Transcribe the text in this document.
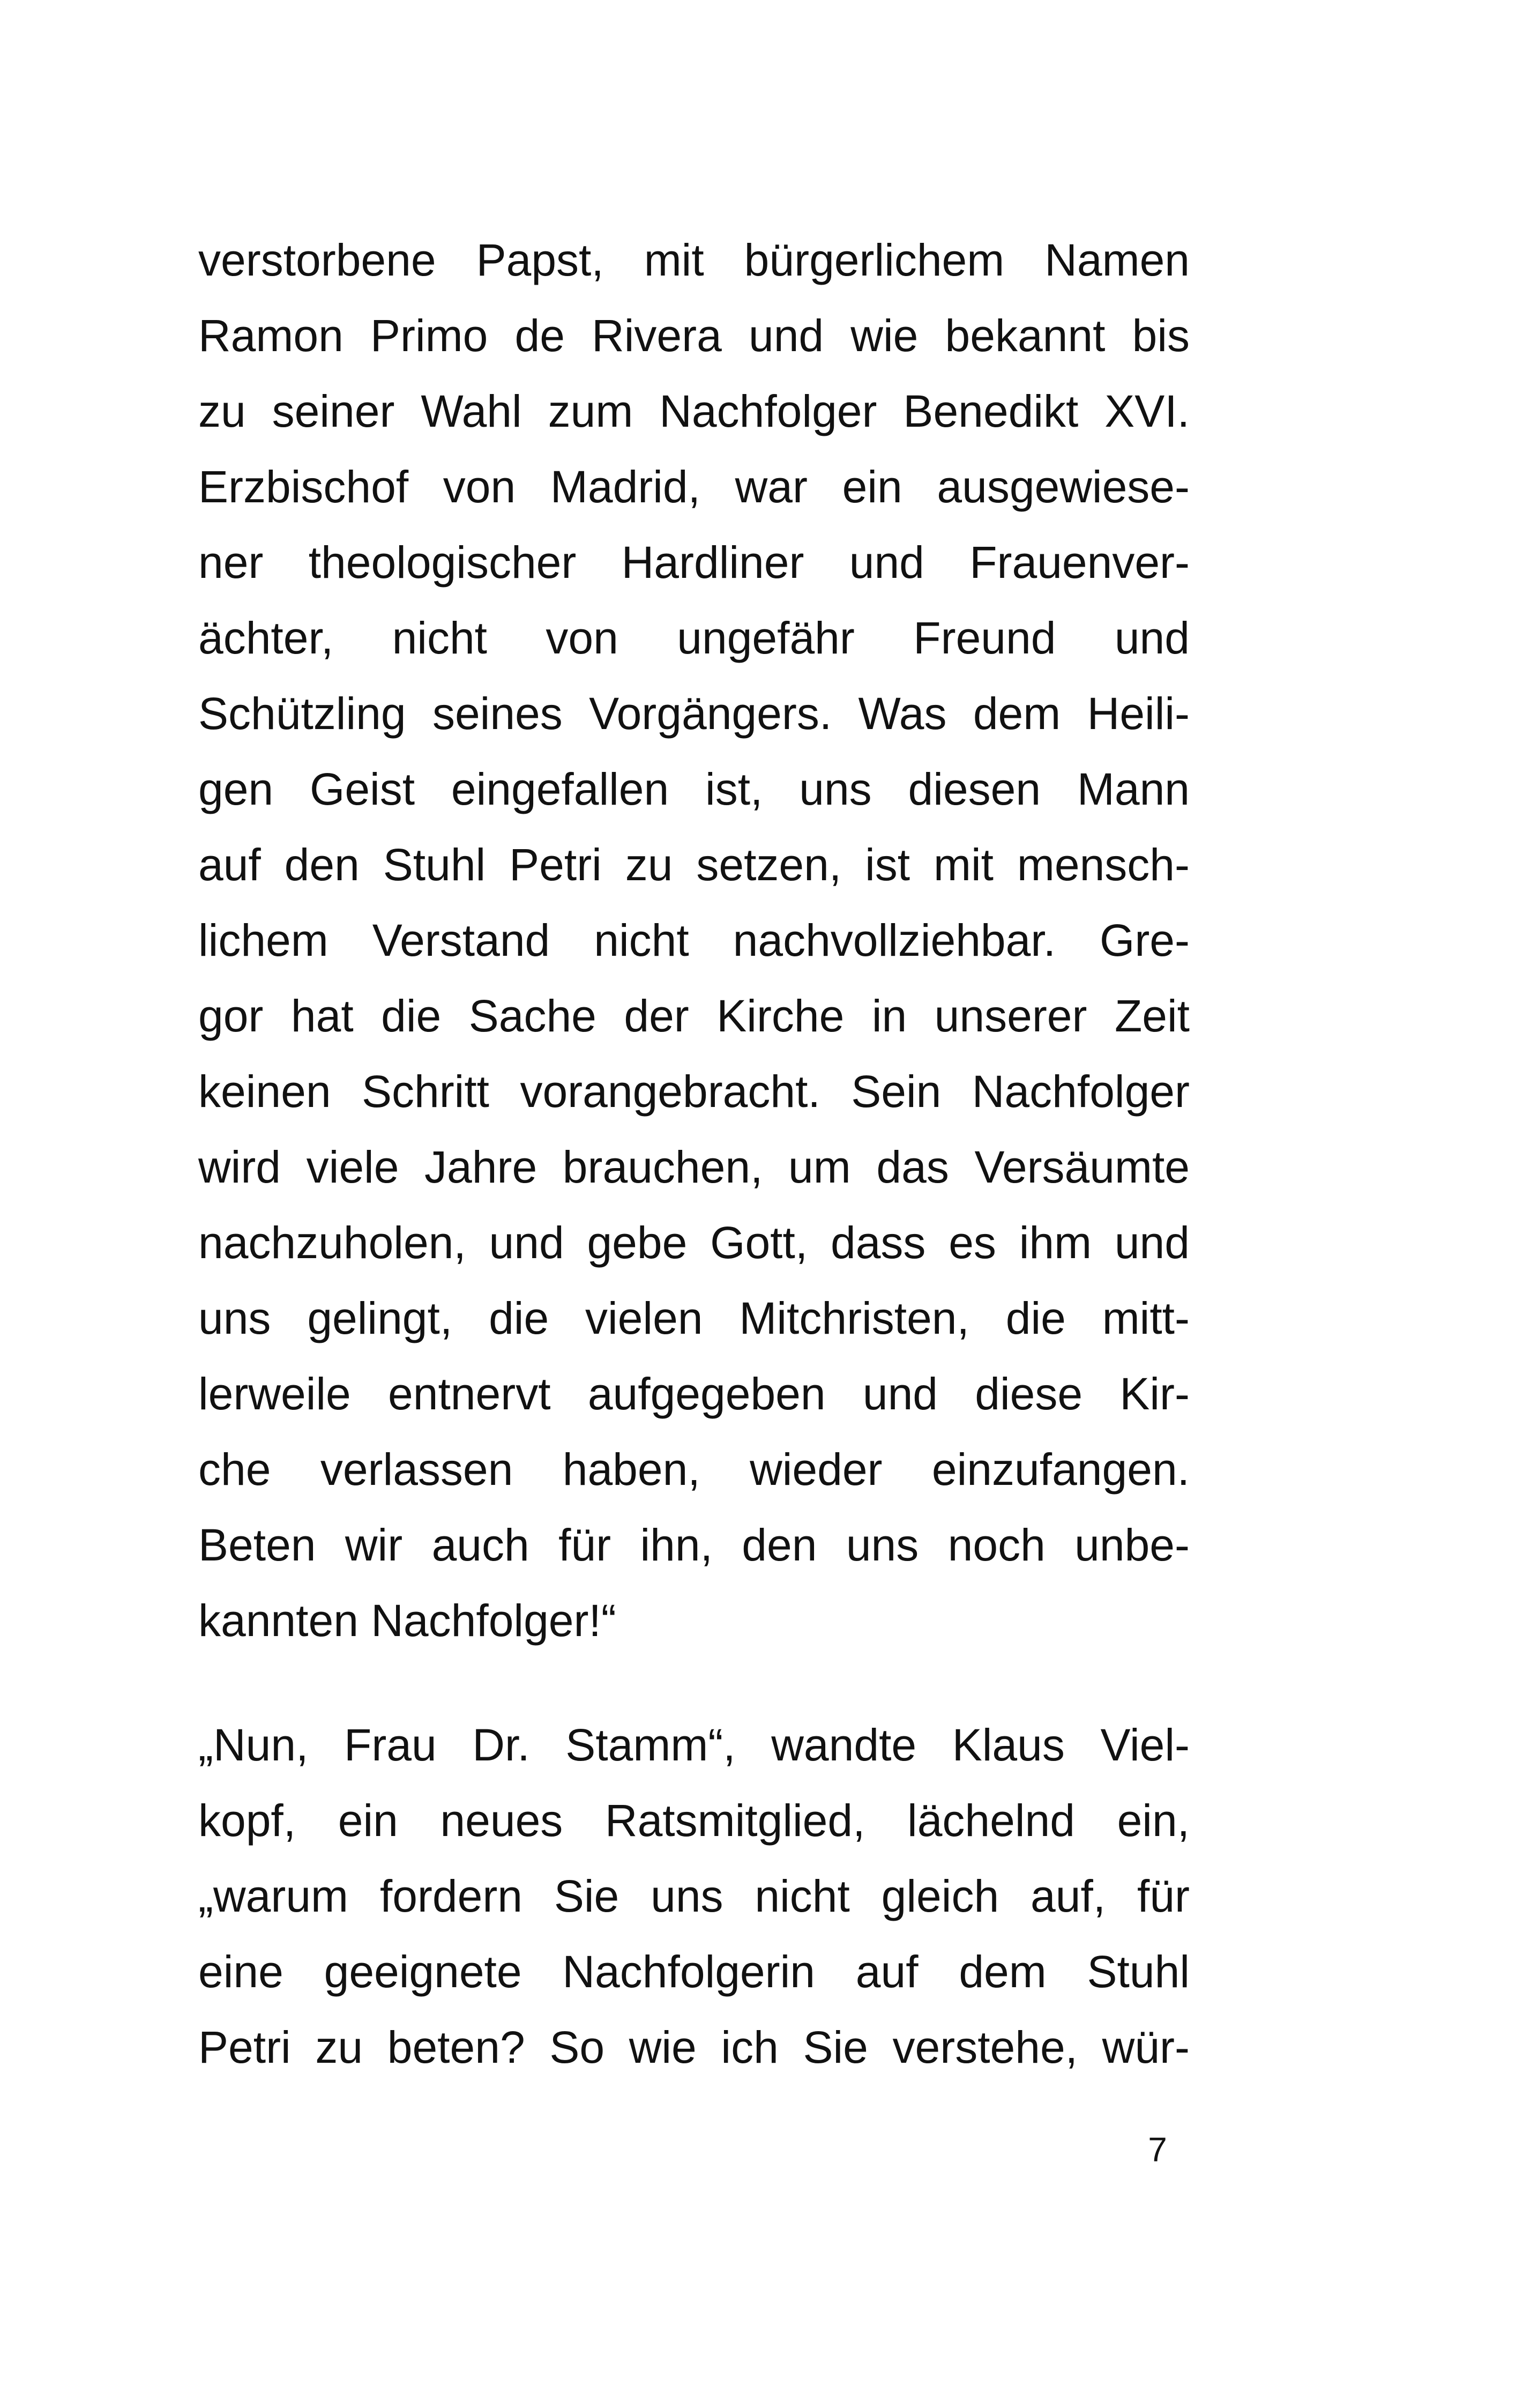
verstorbene Papst, mit bürgerlichem Namen
Ramon Primo de Rivera und wie bekannt bis
zu seiner Wahl zum Nachfolger Benedikt XVI.
Erzbischof von Madrid, war ein ausgewiese-
ner theologischer Hardliner und Frauenver-
ächter, nicht von ungefähr Freund und
Schützling seines Vorgängers. Was dem Heili-
gen Geist eingefallen ist, uns diesen Mann
auf den Stuhl Petri zu setzen, ist mit mensch-
lichem Verstand nicht nachvollziehbar. Gre-
gor hat die Sache der Kirche in unserer Zeit
keinen Schritt vorangebracht. Sein Nachfolger
wird viele Jahre brauchen, um das Versäumte
nachzuholen, und gebe Gott, dass es ihm und
uns gelingt, die vielen Mitchristen, die mitt-
lerweile entnervt aufgegeben und diese Kir-
che verlassen haben, wieder einzufangen.
Beten wir auch für ihn, den uns noch unbe-
kannten Nachfolger!“
„Nun, Frau Dr. Stamm“, wandte Klaus Viel-
kopf, ein neues Ratsmitglied, lächelnd ein,
„warum fordern Sie uns nicht gleich auf, für
eine geeignete Nachfolgerin auf dem Stuhl
Petri zu beten? So wie ich Sie verstehe, wür-
7
